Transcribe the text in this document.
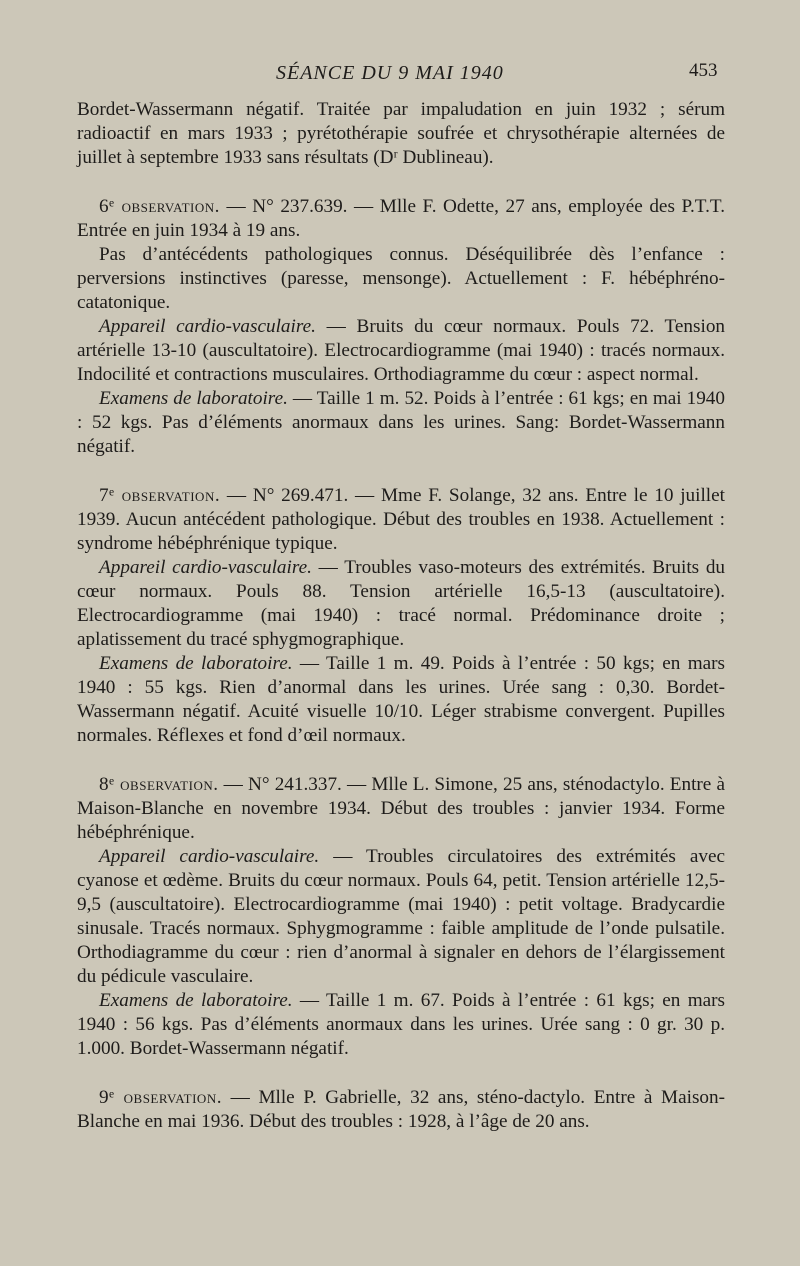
SÉANCE DU 9 MAI 1940	453

Bordet-Wassermann négatif. Traitée par impaludation en juin 1932 ; sérum radioactif en mars 1933 ; pyrétothérapie soufrée et chrysothérapie alternées de juillet à septembre 1933 sans résultats (Dʳ Dublineau).

6ᵉ observation. — N° 237.639. — Mlle F. Odette, 27 ans, employée des P.T.T. Entrée en juin 1934 à 19 ans.

Pas d’antécédents pathologiques connus. Déséquilibrée dès l’enfance : perversions instinctives (paresse, mensonge). Actuellement : F. hébéphréno-catatonique.

Appareil cardio-vasculaire. — Bruits du cœur normaux. Pouls 72. Tension artérielle 13-10 (auscultatoire). Electrocardiogramme (mai 1940) : tracés normaux. Indocilité et contractions musculaires. Orthodiagramme du cœur : aspect normal.

Examens de laboratoire. — Taille 1 m. 52. Poids à l’entrée : 61 kgs; en mai 1940 : 52 kgs. Pas d’éléments anormaux dans les urines. Sang: Bordet-Wassermann négatif.

7ᵉ observation. — N° 269.471. — Mme F. Solange, 32 ans. Entre le 10 juillet 1939. Aucun antécédent pathologique. Début des troubles en 1938. Actuellement : syndrome hébéphrénique typique.

Appareil cardio-vasculaire. — Troubles vaso-moteurs des extrémités. Bruits du cœur normaux. Pouls 88. Tension artérielle 16,5-13 (auscultatoire). Electrocardiogramme (mai 1940) : tracé normal. Prédominance droite ; aplatissement du tracé sphygmographique.

Examens de laboratoire. — Taille 1 m. 49. Poids à l’entrée : 50 kgs; en mars 1940 : 55 kgs. Rien d’anormal dans les urines. Urée sang : 0,30. Bordet-Wassermann négatif. Acuité visuelle 10/10. Léger strabisme convergent. Pupilles normales. Réflexes et fond d’œil normaux.

8ᵉ observation. — N° 241.337. — Mlle L. Simone, 25 ans, sténodactylo. Entre à Maison-Blanche en novembre 1934. Début des troubles : janvier 1934. Forme hébéphrénique.

Appareil cardio-vasculaire. — Troubles circulatoires des extrémités avec cyanose et œdème. Bruits du cœur normaux. Pouls 64, petit. Tension artérielle 12,5-9,5 (auscultatoire). Electrocardiogramme (mai 1940) : petit voltage. Bradycardie sinusale. Tracés normaux. Sphygmogramme : faible amplitude de l’onde pulsatile. Orthodiagramme du cœur : rien d’anormal à signaler en dehors de l’élargissement du pédicule vasculaire.

Examens de laboratoire. — Taille 1 m. 67. Poids à l’entrée : 61 kgs; en mars 1940 : 56 kgs. Pas d’éléments anormaux dans les urines. Urée sang : 0 gr. 30 p. 1.000. Bordet-Wassermann négatif.

9ᵉ observation. — Mlle P. Gabrielle, 32 ans, sténo-dactylo. Entre à Maison-Blanche en mai 1936. Début des troubles : 1928, à l’âge de 20 ans.
